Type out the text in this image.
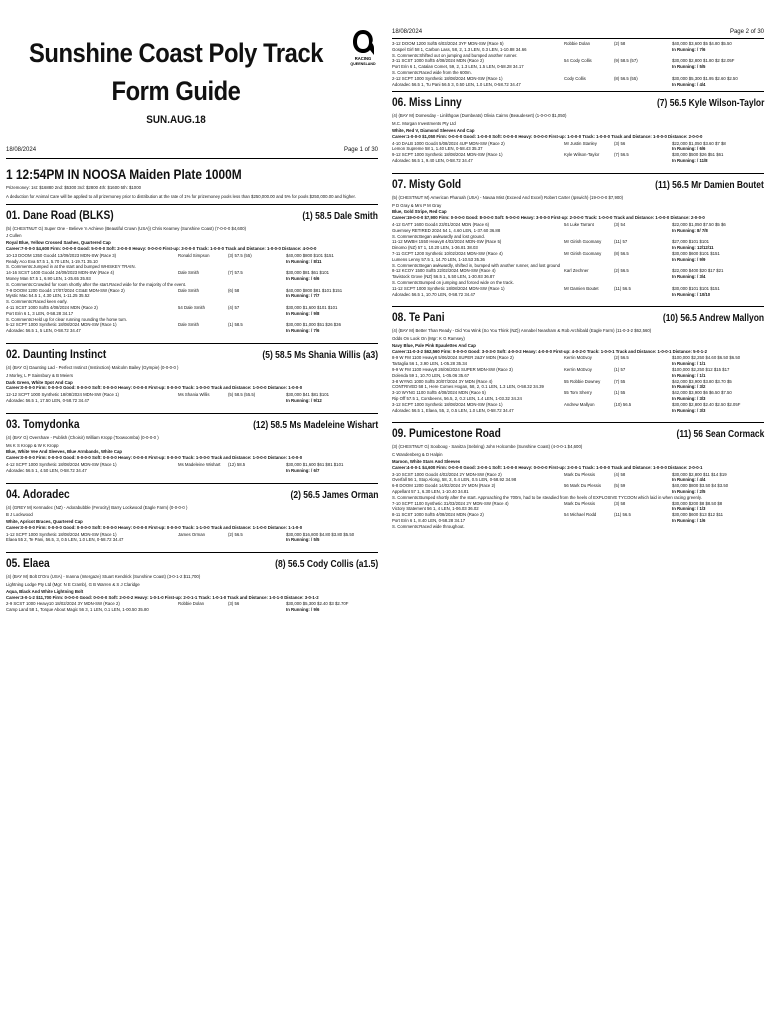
Sunshine Coast Poly Track
Form Guide
SUN.AUG.18
RACING
QUEENSLAND
18/08/2024	Page 1 of 30
1 12:54PM IN NOOSA Maiden Plate 1000M
Prizemoney: 1st: $16880 2nd: $5300 3rd: $2800 4th: $1600 5th: $1000
A deduction for Animal Care will be applied to all prizemoney prior to distribution at the rate of 1% for prizemoney pools less than $250,000.00 and 5% for pools $250,000.00 and higher.
01. Dane Road (BLKS)	(1) 58.5 Dale Smith
(5) (CHESTNUT G) Super One - Believe 'n Achieve (Beautiful Crown (USA)) Chris Kearney (Sunshine Coast) (7-0-0-0 $4,600)
J Cullen
Royal Blue, Yellow Crossed Sashes, Quartered Cap
Career:7-0-0-0 $4,600 Firm: 0-0-0-0 Good: 5-0-0-0 Soft: 2-0-0-0 Heavy: 0-0-0-0 First-up: 3-0-0-0 Track: 1-0-0-0 Track and Distance: 1-0-0-0 Distance: 4-0-0-0
10-13 DOOM 1350 Good4 13/09/2023 MDN-SW (Race 3)	Ronald Simpson	(3) 57.5 (55)	$40,000 $800 $101 $151
Ready Aco Eva 57.5 1, 5.70 LEN, 1-19.71 35.10	In Running: / 8/11
S. Comments:Jumped in at the start and bumped WHISKEY TRAIN.
14-16 SCST 1400 Good4 24/09/2023 MDN-SW (Race 4)	Dale Smith	(7) 57.5	$30,000 $81 $61 $101
Money Man 57.5 1, 6.90 LEN, 1-25.65 35.93	In Running: / 6/6
S. Comments:Crowded for room shortly after the start.Raced wide for the majority of the event.
7-9 DOOM 1200 Good4 17/07/2024 CG&E MDN-SW (Race 2)	Dale Smith	(6) 58	$40,000 $800 $81 $101 $151
Mystic Mac 54.5 1, 4.30 LEN, 1-11.25 35.52	In Running: / 7/7
S. Comments:Raced keen early.
4-11 SCST 1000 Soft5 4/08/2024 MDN (Race 2)	54 Dale Smith	(4) 57	$30,000 $1,600 $101 $101
Port Erin 6 1, 3 LEN, 0-58.28 34.17	In Running: / 9/8
S. Comments:Held up for clear running rounding the home turn.
5-12 SCPT 1000 Synthetic 18/08/2024 MDN-SW (Race 1)	Dale Smith	(1) 58.5	$30,000 $1,000 $51 $26 $36
Adoradec 56.5 1, 5 LEN, 0-58.72 34.47	In Running: / 7/6
02. Daunting Instinct	(5) 58.5 Ms Shania Willis (a3)
(4) (BAY G) Daunting Lad - Perfect Instinct (Instinction) Malcolm Bailey (Gympie) (0-0-0-0 )
J Morley, L P Sainsbury & B Meiers
Dark Green, White Spot And Cap
Career:0-0-0-0 Firm: 0-0-0-0 Good: 0-0-0-0 Soft: 0-0-0-0 Heavy: 0-0-0-0 First-up: 0-0-0-0 Track: 1-0-0-0 Track and Distance: 1-0-0-0 Distance: 1-0-0-0
12-12 SCPT 1000 Synthetic 18/08/2024 MDN-SW (Race 1)	Ms Shania Willis	(5) 58.5 (55.5)	$30,000 $41 $81 $101
Adoradec 56.5 1, 17.50 LEN, 0-58.72 34.47	In Running: / 9/12
03. Tomydonka	(12) 58.5 Ms Madeleine Wishart
(4) (BAY G) Overshare - Publish (Choisir) William Kropp (Toowoomba) (0-0-0-0 )
Ms K S Kropp & W K Kropp
Blue, White Vee And Sleeves, Blue Armbands, White Cap
Career:0-0-0-0 Firm: 0-0-0-0 Good: 0-0-0-0 Soft: 0-0-0-0 Heavy: 0-0-0-0 First-up: 0-0-0-0 Track: 1-0-0-0 Track and Distance: 1-0-0-0 Distance: 1-0-0-0
4-12 SCPT 1000 Synthetic 18/08/2024 MDN-SW (Race 1)	Ms Madeleine Wishart	(12) 58.5	$30,000 $1,600 $61 $81 $101
Adoradec 56.5 1, 4.50 LEN, 0-58.72 34.47	In Running: / 6/7
04. Adoradec	(2) 56.5 James Orman
(4) (GREY M) Kermadec (NZ) - Adorabubble (Ferocity) Barry Lockwood (Eagle Farm) (0-0-0-0 )
B J Lockwood
White, Apricot Braces, Quartered Cap
Career:0-0-0-0 Firm: 0-0-0-0 Good: 0-0-0-0 Soft: 0-0-0-0 Heavy: 0-0-0-0 First-up: 0-0-0-0 Track: 1-1-0-0 Track and Distance: 1-1-0-0 Distance: 1-1-0-0
1-12 SCPT 1000 Synthetic 18/08/2024 MDN-SW (Race 1)	James Orman	(2) 56.5	$30,000 $16,800 $4.80 $3.80 $5.50
Elaea 55 2, Te Pani, 56.5, 3, 0.5 LEN, 1.0 LEN, 0-58.72 34.47	In Running: / 5/5
05. Elaea	(8) 56.5 Cody Collis (a1.5)
(4) (BAY M) Bolt D'Oro (USA) - Inanna (Intergaze) Stuart Kendrick (Sunshine Coast) (3-0-1-2 $11,700)
Lightning Lodge Pty Ltd (Mgr: N E Cramb), G B Warren & S J Claridge
Aqua, Black And White Lightning Bolt
Career:3-0-1-2 $11,700 Firm: 0-0-0-0 Good: 0-0-0-0 Soft: 2-0-0-2 Heavy: 1-0-1-0 First-up: 2-0-1-1 Track: 1-0-1-0 Track and Distance: 1-0-1-0 Distance: 3-0-1-2
2-9 SCST 1000 Heavy10 18/02/2024 3Y MDN-SW (Race 2)	Robbie Dolan	(3) 56	$30,000 $5,300 $2.40 $3 $2.70F
Camp Land 58 1, Torque About Magic 56 3, 1 LEN, 0.1 LEN, 1-00.50 35.80	In Running: / 9/6
18/08/2024	Page 2 of 30
3-12 DOOM 1200 Soft5 6/03/2024 3YF MDN-SW (Race 5)	Robbie Dolan	(2) 58	$40,000 $3,600 $5 $4.80 $5.50
Gospel Girl 58 1, Carbon Lass, 58, 2, 1.3 LEN, 0.3 LEN, 1-10.88 34.66	In Running: / 7/6
S. Comments:Shifted out on jumping and bumped another runner.
3-11 SCST 1000 Soft5 4/08/2024 MDN (Race 2)	54 Cody Collis	(9) 58.5 (57)	$30,000 $2,800 $1.80 $2 $2.05F
Port Erin 6 1, Catalan Comet, 59, 2, 1.3 LEN, 1.5 LEN, 0-58.28 34.17	In Running: / 5/5
S. Comments:Raced wide from the 600m.
2-12 SCPT 1000 Synthetic 18/08/2024 MDN-SW (Race 1)	Cody Collis	(8) 56.5 (55)	$30,000 $5,300 $1.95 $2.60 $2.50
Adoradec 56.5 1, Tu Pani 56.5 3, 0.50 LEN, 1.0 LEN, 0-58.72 34.47	In Running: / 4/4
06. Miss Linny	(7) 56.5 Kyle Wilson-Taylor
(4) (BAY M) Domesday - Linlithgow (Dumbeats) Olivia Cairns (Beaudesert) (1-0-0-0 $1,050)
M.C. Morgan Investments Pty Ltd
White, Red V, Diamond Sleeves And Cap
Career:1-0-0-0 $1,050 Firm: 0-0-0-0 Good: 1-0-0-0 Soft: 0-0-0-0 Heavy: 0-0-0-0 First-up: 1-0-0-0 Track: 1-0-0-0 Track and Distance: 1-0-0-0 Distance: 2-0-0-0
4-10 DALB 1000 Good4 5/08/2024 4UP MDN-SW (Race 2)	Mr Justin Stanley	(3) 56	$22,000 $1,050 $3.60 $7 $8
Lemon Supreme 58 1, 1.40 LEN, 0-58.43 35.37	In Running: / 6/6
9-12 SCPT 1000 Synthetic 18/08/2024 MDN-SW (Race 1)	Kyle Wilson-Taylor	(7) 56.5	$30,000 $500 $26 $51 $61
Adoradec 56.5 1, 9.40 LEN, 0-58.72 34.47	In Running: / 11/8
07. Misty Gold	(11) 56.5 Mr Damien Boutet
(5) (CHESTNUT M) American Pharoah (USA) - Navaa Mist (Exceed And Excel) Robert Carter (Ipswich) (19-0-0-0 $7,900)
P D Gray & Mrs P M Gray
Blue, Gold Stripe, Red Cap
Career:19-0-0-0 $7,900 Firm: 0-0-0-0 Good: 8-0-0-0 Soft: 5-0-0-0 Heavy: 3-0-0-0 First-up: 2-0-0-0 Track: 1-0-0-0 Track and Distance: 1-0-0-0 Distance: 2-0-0-0
4-12 GATT 1600 Good4 23/01/2024 MDN (Race 6)	54 Luke Tarrant	(3) 54	$22,000 $1,050 $7.50 $5 $6
Guernsey RETIRED 2024 54 1, 4.60 LEN, 1-37.60 36.88	In Running: 8/ 7/8
S. Comments:Began awkwardly and lost ground.
11-12 MWBH 1550 Heavy8 4/02/2024 MDN-SW (Race 5)	Mr Girish Goomany	(11) 57	$27,000 $101 $101
Dinomo (NZ) 57 1, 10.20 LEN, 1-36.81 38.03	In Running: 12/12/11
7-11 GCPT 1200 Synthetic 10/02/2024 MDN-SW (Race 4)	Mr Girish Goomany	(8) 56.5	$30,000 $600 $101 $151
Lumens Lenny 57.5 1, 14.70 LEN, 1-10.53 35.36	In Running: / 9/9
S. Comments:Began awkwardly, shifted in, bumped with another runner, and lost ground
8-12 KCOY 1500 Soft5 22/02/2024 MDN-SW (Race 4)	Karl Zechner	(2) 56.5	$22,000 $400 $20 $17 $21
Tavistock Grove (NZ) 56.5 1, 5.50 LEN, 1-30.93 36.87	In Running: / 3/4
S. Comments:Bumped on jumping and forced wide on the track.
11-12 SCPT 1000 Synthetic 18/08/2024 MDN-SW (Race 1)	Mr Damien Boutet	(11) 56.5	$30,000 $101 $101 $151
Adoradec 56.5 1, 10.70 LEN, 0-58.72 34.47	In Running: / 10/10
08. Te Pani	(10) 56.5 Andrew Mallyon
(4) (BAY M) Better Than Ready - Did You Wink (So You Think (NZ)) Annabel Neasham & Rob Archibald (Eagle Farm) (11-0-3-2 $62,560)
Odds On Look On (Mgr: K G Ramsey)
Navy Blue, Pale Pink Epaulettes And Cap
Career:11-0-3-2 $62,560 Firm: 0-0-0-0 Good: 3-0-3-0 Soft: 4-0-0-2 Heavy: 4-0-0-0 First-up: 4-0-2-0 Track: 1-0-0-1 Track and Distance: 1-0-0-1 Distance: 5-0-1-2
8-9 W FM 1100 Heavy8 5/06/2024 SUPER 2&3Y MDN (Race 2)	Kerrin McEvoy	(2) 56.5	$100,000 $2,250 $4.60 $6.50 $6.50
Tartaglia 56 1, 3.90 LEN, 1-05.28 35.34	In Running: / 1/1
9-9 W FM 1100 Heavy8 26/06/2024 SUPER MDN-SW (Race 3)	Kerrin McEvoy	(1) 57	$100,000 $2,250 $12 $15 $17
Dolenda 59 1, 10.70 LEN, 1-05.06 35.67	In Running: / 1/1
3-8 WYNG 1000 Soft5 20/07/2024 3Y MDN (Race 4)	55 Robbie Downey	(7) 55	$42,000 $3,900 $3.80 $3.70 $5
CONTRIVED 58 1, Here Comes Hogan, 58, 2, 0.1 LEN, 1.3 LEN, 0-58.32 34.39	In Running: / 3/2
3-10 WYNG 1100 Soft5 4/08/2024 MDN (Race 5)	55 Tom Sherry	(1) 55	$42,000 $3,900 $6 $6.50 $7.50
Rip Off 57.5 1, Corsbeens, 56.5, 2, 0.2 LEN, 1.4 LEN, 1-03.32 34.24	In Running: / 3/3
3-12 SCPT 1000 Synthetic 18/08/2024 MDN-SW (Race 1)	Andrew Mallyon	(10) 56.5	$30,000 $2,800 $2.40 $2.50 $2.05F
Adoradec 56.5 1, Elaea, 55, 2, 0.5 LEN, 1.0 LEN, 0-58.72 34.47	In Running: / 3/3
09. Pumicestone Road	(11) 56 Sean Cormack
(3) (CHESTNUT G) Sooboog - Sanitza (Sebring) John Holcombe (Sunshine Coast) (4-0-0-1 $4,600)
C Wandenberg & D Halpin
Maroon, White Stars And Sleeves
Career:4-0-0-1 $4,600 Firm: 0-0-0-0 Good: 2-0-0-1 Soft: 1-0-0-0 Heavy: 0-0-0-0 First-up: 2-0-0-1 Track: 1-0-0-0 Track and Distance: 1-0-0-0 Distance: 2-0-0-1
3-10 SCST 1000 Good4 4/02/2024 2Y MDN-SW (Race 2)	Mark Du Plessis	(4) 58	$30,000 $2,800 $11 $14 $19
Overfall 56 1, Stop Along, 58, 2, 0.4 LEN, 0.5 LEN, 0-58.92 34.98	In Running: / 4/4
6-8 DOOM 1200 Good4 14/02/2024 2Y MDN (Race 2)	56 Mark Du Plessis	(5) 59	$40,000 $800 $3.50 $4 $3.50
Appellant 57 1, 6.30 LEN, 1-10.40 34.81	In Running: / 2/5
S. Comments:Bumped shortly after the start. Approaching the 700m, had to be steadied from the heels of EXPLOSIVE TYCOON which laid in when racing greenly.
7-10 SCPT 1100 Synthetic 31/03/2024 2Y MDN-SW (Race 4)	Mark Du Plessis	(3) 58	$30,000 $200 $8 $8.50 $8
Victory Statement 56 1, 4 LEN, 1-06.03 36.02	In Running: / 1/3
8-11 SCST 1000 Soft5 4/08/2024 MDN (Race 2)	54 Michael Rodd	(11) 56.5	$30,000 $600 $13 $12 $11
Port Erin 6 1, 8.40 LEN, 0-58.28 34.17	In Running: / 1/6
S. Comments:Raced wide throughout.
